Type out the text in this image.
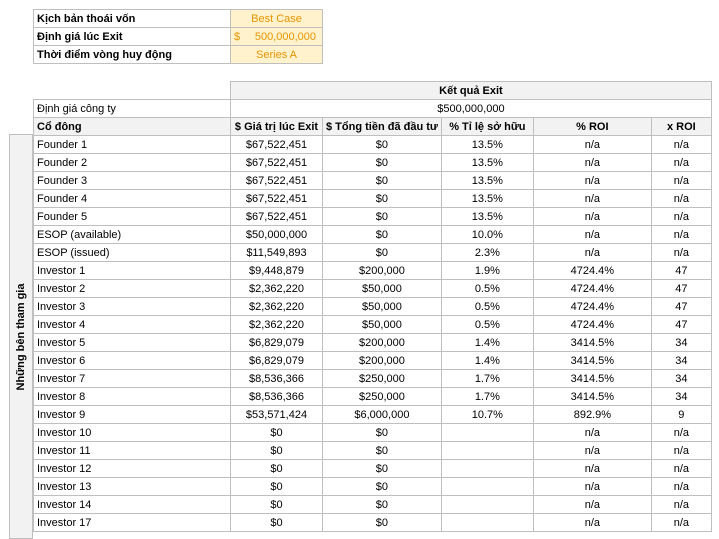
Kịch bản thoái vốn	Best Case
Định giá lúc Exit	$ 500,000,000
Thời điểm vòng huy động	Series A
Những bên tham gia
	Kết quả Exit				
Định giá công ty	$500,000,000				
Cổ đông	$ Giá trị lúc Exit	$ Tổng tiền đã đầu tư	% Tỉ lệ sở hữu	% ROI	x ROI
Founder 1	$67,522,451	$0	13.5%	n/a	n/a
Founder 2	$67,522,451	$0	13.5%	n/a	n/a
Founder 3	$67,522,451	$0	13.5%	n/a	n/a
Founder 4	$67,522,451	$0	13.5%	n/a	n/a
Founder 5	$67,522,451	$0	13.5%	n/a	n/a
ESOP (available)	$50,000,000	$0	10.0%	n/a	n/a
ESOP (issued)	$11,549,893	$0	2.3%	n/a	n/a
Investor 1	$9,448,879	$200,000	1.9%	4724.4%	47
Investor 2	$2,362,220	$50,000	0.5%	4724.4%	47
Investor 3	$2,362,220	$50,000	0.5%	4724.4%	47
Investor 4	$2,362,220	$50,000	0.5%	4724.4%	47
Investor 5	$6,829,079	$200,000	1.4%	3414.5%	34
Investor 6	$6,829,079	$200,000	1.4%	3414.5%	34
Investor 7	$8,536,366	$250,000	1.7%	3414.5%	34
Investor 8	$8,536,366	$250,000	1.7%	3414.5%	34
Investor 9	$53,571,424	$6,000,000	10.7%	892.9%	9
Investor 10	$0	$0		n/a	n/a
Investor 11	$0	$0		n/a	n/a
Investor 12	$0	$0		n/a	n/a
Investor 13	$0	$0		n/a	n/a
Investor 14	$0	$0		n/a	n/a
Investor 17	$0	$0		n/a	n/a
